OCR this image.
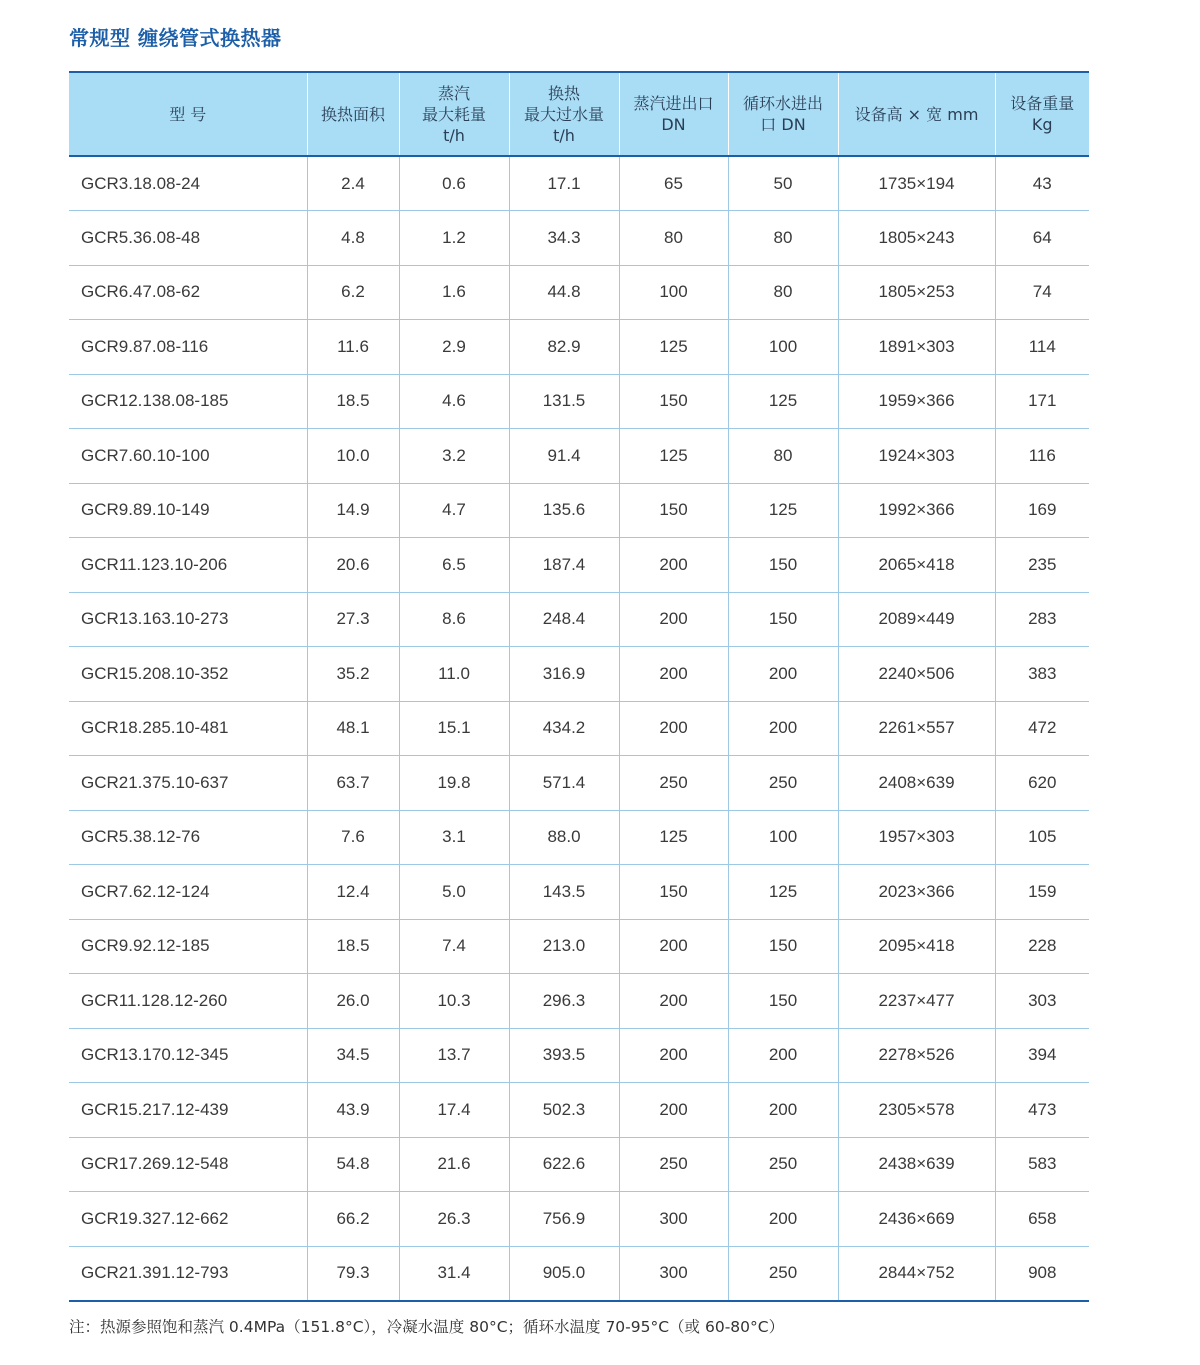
常规型 缠绕管式换热器
型 号	换热面积	蒸汽
最大耗量
t/h	换热
最大过水量
t/h	蒸汽进出口
DN	循环水进出
口 DN	设备高 × 宽 mm	设备重量
Kg

GCR3.18.08-24	2.4	0.6	17.1	65	50	1735×194	43
GCR5.36.08-48	4.8	1.2	34.3	80	80	1805×243	64
GCR6.47.08-62	6.2	1.6	44.8	100	80	1805×253	74
GCR9.87.08-116	11.6	2.9	82.9	125	100	1891×303	114
GCR12.138.08-185	18.5	4.6	131.5	150	125	1959×366	171
GCR7.60.10-100	10.0	3.2	91.4	125	80	1924×303	116
GCR9.89.10-149	14.9	4.7	135.6	150	125	1992×366	169
GCR11.123.10-206	20.6	6.5	187.4	200	150	2065×418	235
GCR13.163.10-273	27.3	8.6	248.4	200	150	2089×449	283
GCR15.208.10-352	35.2	11.0	316.9	200	200	2240×506	383
GCR18.285.10-481	48.1	15.1	434.2	200	200	2261×557	472
GCR21.375.10-637	63.7	19.8	571.4	250	250	2408×639	620
GCR5.38.12-76	7.6	3.1	88.0	125	100	1957×303	105
GCR7.62.12-124	12.4	5.0	143.5	150	125	2023×366	159
GCR9.92.12-185	18.5	7.4	213.0	200	150	2095×418	228
GCR11.128.12-260	26.0	10.3	296.3	200	150	2237×477	303
GCR13.170.12-345	34.5	13.7	393.5	200	200	2278×526	394
GCR15.217.12-439	43.9	17.4	502.3	200	200	2305×578	473
GCR17.269.12-548	54.8	21.6	622.6	250	250	2438×639	583
GCR19.327.12-662	66.2	26.3	756.9	300	200	2436×669	658
GCR21.391.12-793	79.3	31.4	905.0	300	250	2844×752	908
注：热源参照饱和蒸汽 0.4MPa（151.8°C），冷凝水温度 80°C；循环水温度 70-95°C（或 60-80°C）
